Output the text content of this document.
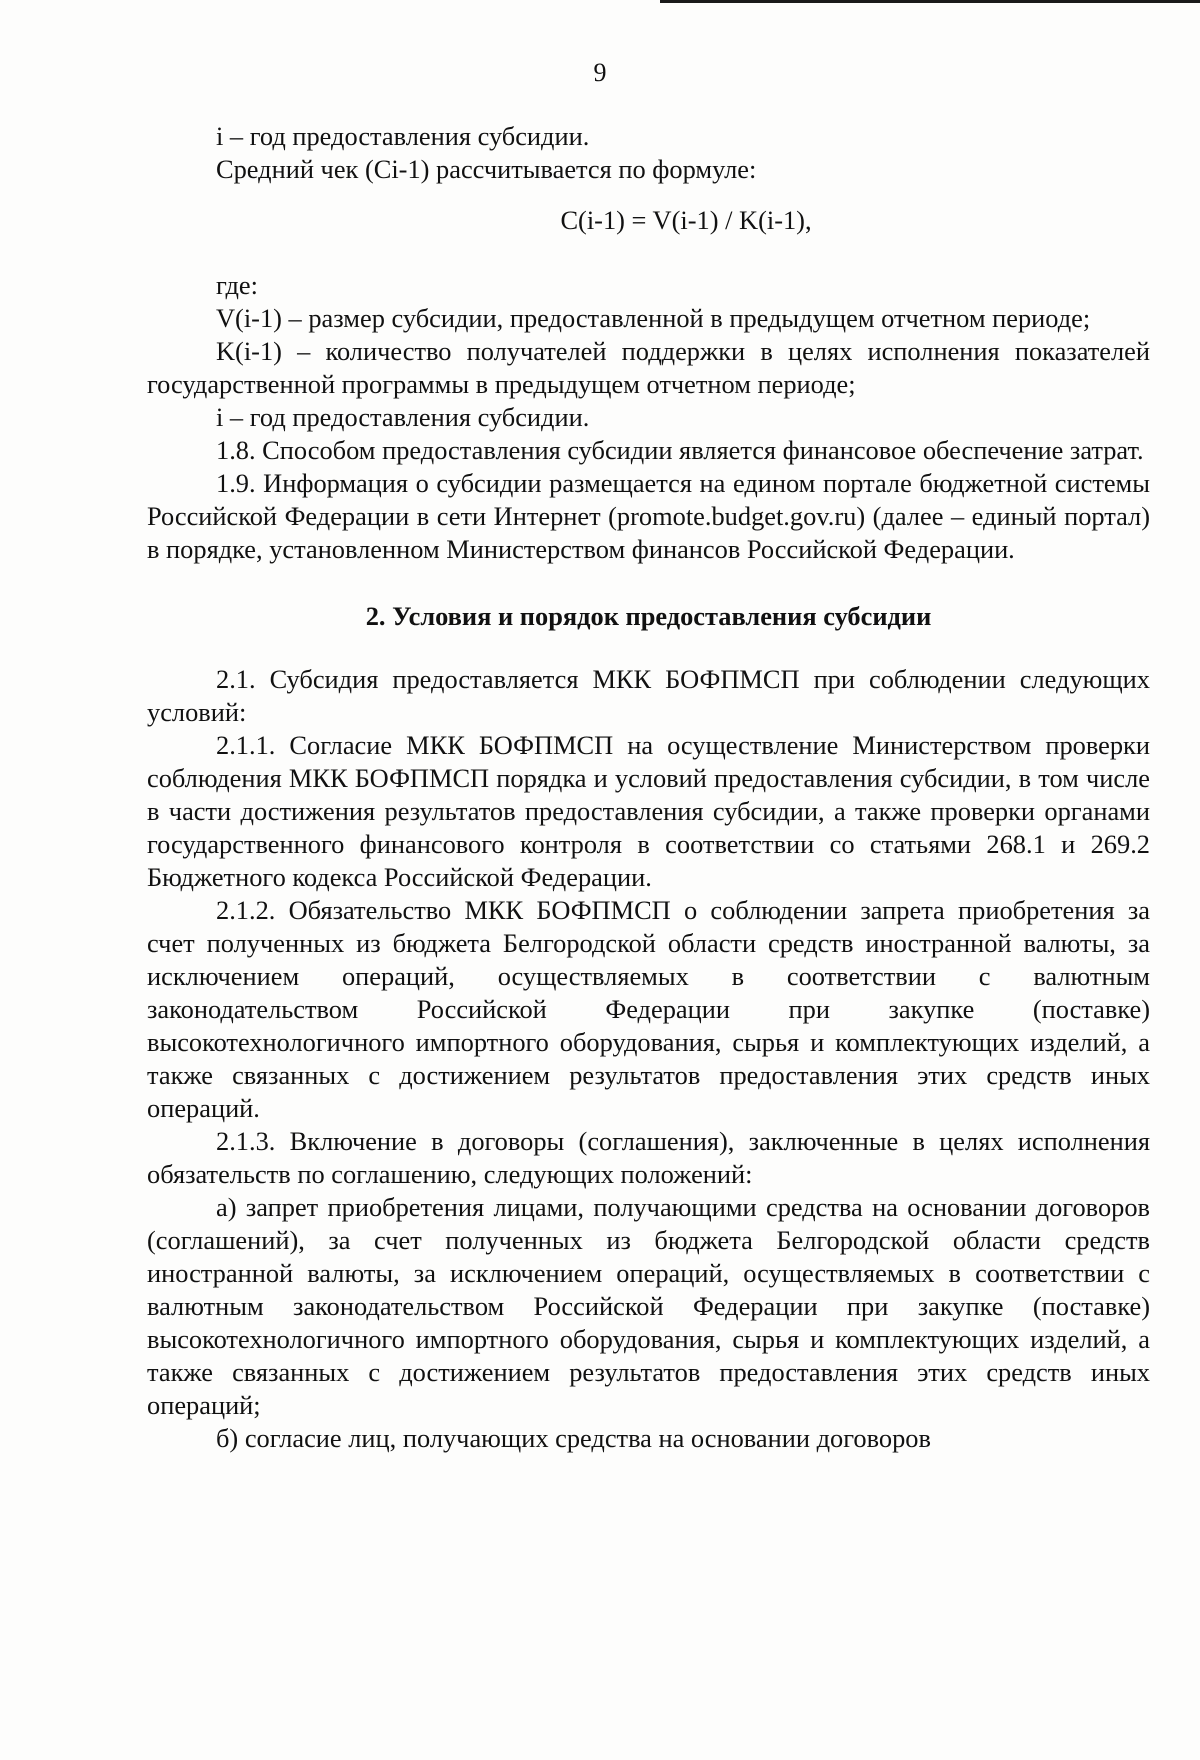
9

i – год предоставления субсидии.

Средний чек (Ci-1) рассчитывается по формуле:

C(i-1) = V(i-1) / K(i-1),

где:

V(i-1) – размер субсидии, предоставленной в предыдущем отчетном периоде;

K(i-1) – количество получателей поддержки в целях исполнения показателей государственной программы в предыдущем отчетном периоде;

i – год предоставления субсидии.

1.8. Способом предоставления субсидии является финансовое обеспечение затрат.

1.9. Информация о субсидии размещается на едином портале бюджетной системы Российской Федерации в сети Интернет (promote.budget.gov.ru) (далее – единый портал) в порядке, установленном Министерством финансов Российской Федерации.

2. Условия и порядок предоставления субсидии

2.1. Субсидия предоставляется МКК БОФПМСП при соблюдении следующих условий:

2.1.1. Согласие МКК БОФПМСП на осуществление Министерством проверки соблюдения МКК БОФПМСП порядка и условий предоставления субсидии, в том числе в части достижения результатов предоставления субсидии, а также проверки органами государственного финансового контроля в соответствии со статьями 268.1 и 269.2 Бюджетного кодекса Российской Федерации.

2.1.2. Обязательство МКК БОФПМСП о соблюдении запрета приобретения за счет полученных из бюджета Белгородской области средств иностранной валюты, за исключением операций, осуществляемых в соответствии с валютным законодательством Российской Федерации при закупке (поставке) высокотехнологичного импортного оборудования, сырья и комплектующих изделий, а также связанных с достижением результатов предоставления этих средств иных операций.

2.1.3. Включение в договоры (соглашения), заключенные в целях исполнения обязательств по соглашению, следующих положений:

а) запрет приобретения лицами, получающими средства на основании договоров (соглашений), за счет полученных из бюджета Белгородской области средств иностранной валюты, за исключением операций, осуществляемых в соответствии с валютным законодательством Российской Федерации при закупке (поставке) высокотехнологичного импортного оборудования, сырья и комплектующих изделий, а также связанных с достижением результатов предоставления этих средств иных операций;

б) согласие лиц, получающих средства на основании договоров
